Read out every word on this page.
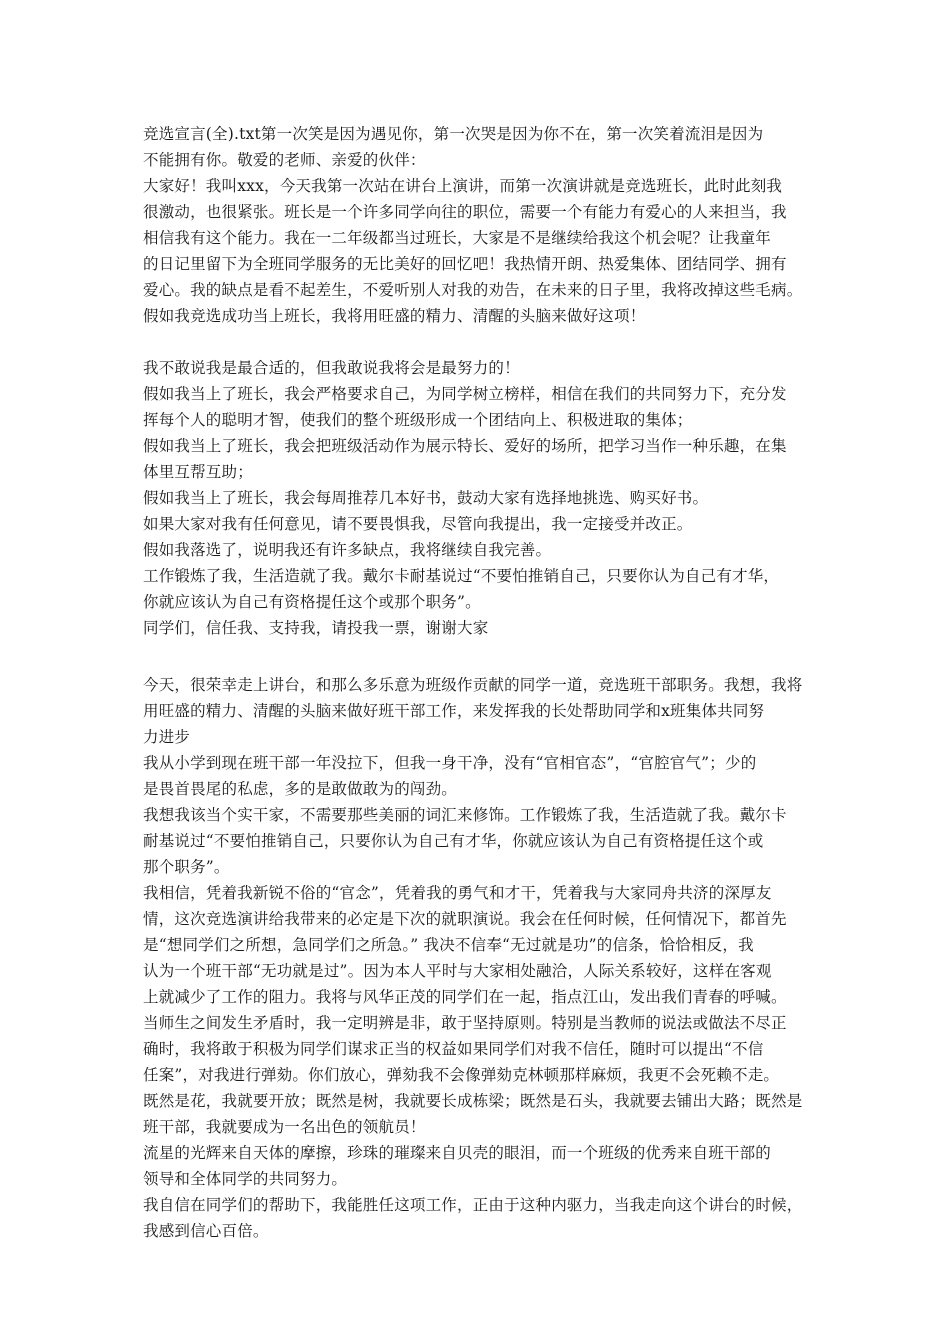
竞选宣言(全).txt第一次笑是因为遇见你，第一次哭是因为你不在，第一次笑着流泪是因为
不能拥有你。敬爱的老师、亲爱的伙伴：
大家好！我叫xxx，今天我第一次站在讲台上演讲，而第一次演讲就是竞选班长，此时此刻我
很激动，也很紧张。班长是一个许多同学向往的职位，需要一个有能力有爱心的人来担当，我
相信我有这个能力。我在一二年级都当过班长，大家是不是继续给我这个机会呢？让我童年
的日记里留下为全班同学服务的无比美好的回忆吧！我热情开朗、热爱集体、团结同学、拥有
爱心。我的缺点是看不起差生，不爱听别人对我的劝告，在未来的日子里，我将改掉这些毛病。
假如我竞选成功当上班长，我将用旺盛的精力、清醒的头脑来做好这项！
我不敢说我是最合适的，但我敢说我将会是最努力的！
假如我当上了班长，我会严格要求自己，为同学树立榜样，相信在我们的共同努力下，充分发
挥每个人的聪明才智，使我们的整个班级形成一个团结向上、积极进取的集体；
假如我当上了班长，我会把班级活动作为展示特长、爱好的场所，把学习当作一种乐趣，在集
体里互帮互助；
假如我当上了班长，我会每周推荐几本好书，鼓动大家有选择地挑选、购买好书。
如果大家对我有任何意见，请不要畏惧我，尽管向我提出，我一定接受并改正。
假如我落选了，说明我还有许多缺点，我将继续自我完善。
工作锻炼了我，生活造就了我。戴尔卡耐基说过“不要怕推销自己，只要你认为自己有才华，
你就应该认为自己有资格提任这个或那个职务”。
同学们，信任我、支持我，请投我一票，谢谢大家
今天，很荣幸走上讲台，和那么多乐意为班级作贡献的同学一道，竞选班干部职务。我想，我将
用旺盛的精力、清醒的头脑来做好班干部工作，来发挥我的长处帮助同学和x班集体共同努
力进步
我从小学到现在班干部一年没拉下，但我一身干净，没有“官相官态”，“官腔官气”；少的
是畏首畏尾的私虑，多的是敢做敢为的闯劲。
我想我该当个实干家，不需要那些美丽的词汇来修饰。工作锻炼了我，生活造就了我。戴尔卡
耐基说过“不要怕推销自己，只要你认为自己有才华，你就应该认为自己有资格提任这个或
那个职务”。
我相信，凭着我新锐不俗的“官念”，凭着我的勇气和才干，凭着我与大家同舟共济的深厚友
情，这次竞选演讲给我带来的必定是下次的就职演说。我会在任何时候，任何情况下，都首先
是“想同学们之所想，急同学们之所急。” 我决不信奉“无过就是功”的信条，恰恰相反，我
认为一个班干部“无功就是过”。因为本人平时与大家相处融洽，人际关系较好，这样在客观
上就减少了工作的阻力。我将与风华正茂的同学们在一起，指点江山，发出我们青春的呼喊。
当师生之间发生矛盾时，我一定明辨是非，敢于坚持原则。特别是当教师的说法或做法不尽正
确时，我将敢于积极为同学们谋求正当的权益如果同学们对我不信任，随时可以提出“不信
任案”，对我进行弹劾。你们放心，弹劾我不会像弹劾克林顿那样麻烦，我更不会死赖不走。
既然是花，我就要开放；既然是树，我就要长成栋梁；既然是石头，我就要去铺出大路；既然是
班干部，我就要成为一名出色的领航员！
流星的光辉来自天体的摩擦，珍珠的璀璨来自贝壳的眼泪，而一个班级的优秀来自班干部的
领导和全体同学的共同努力。
我自信在同学们的帮助下，我能胜任这项工作，正由于这种内驱力，当我走向这个讲台的时候，
我感到信心百倍。
